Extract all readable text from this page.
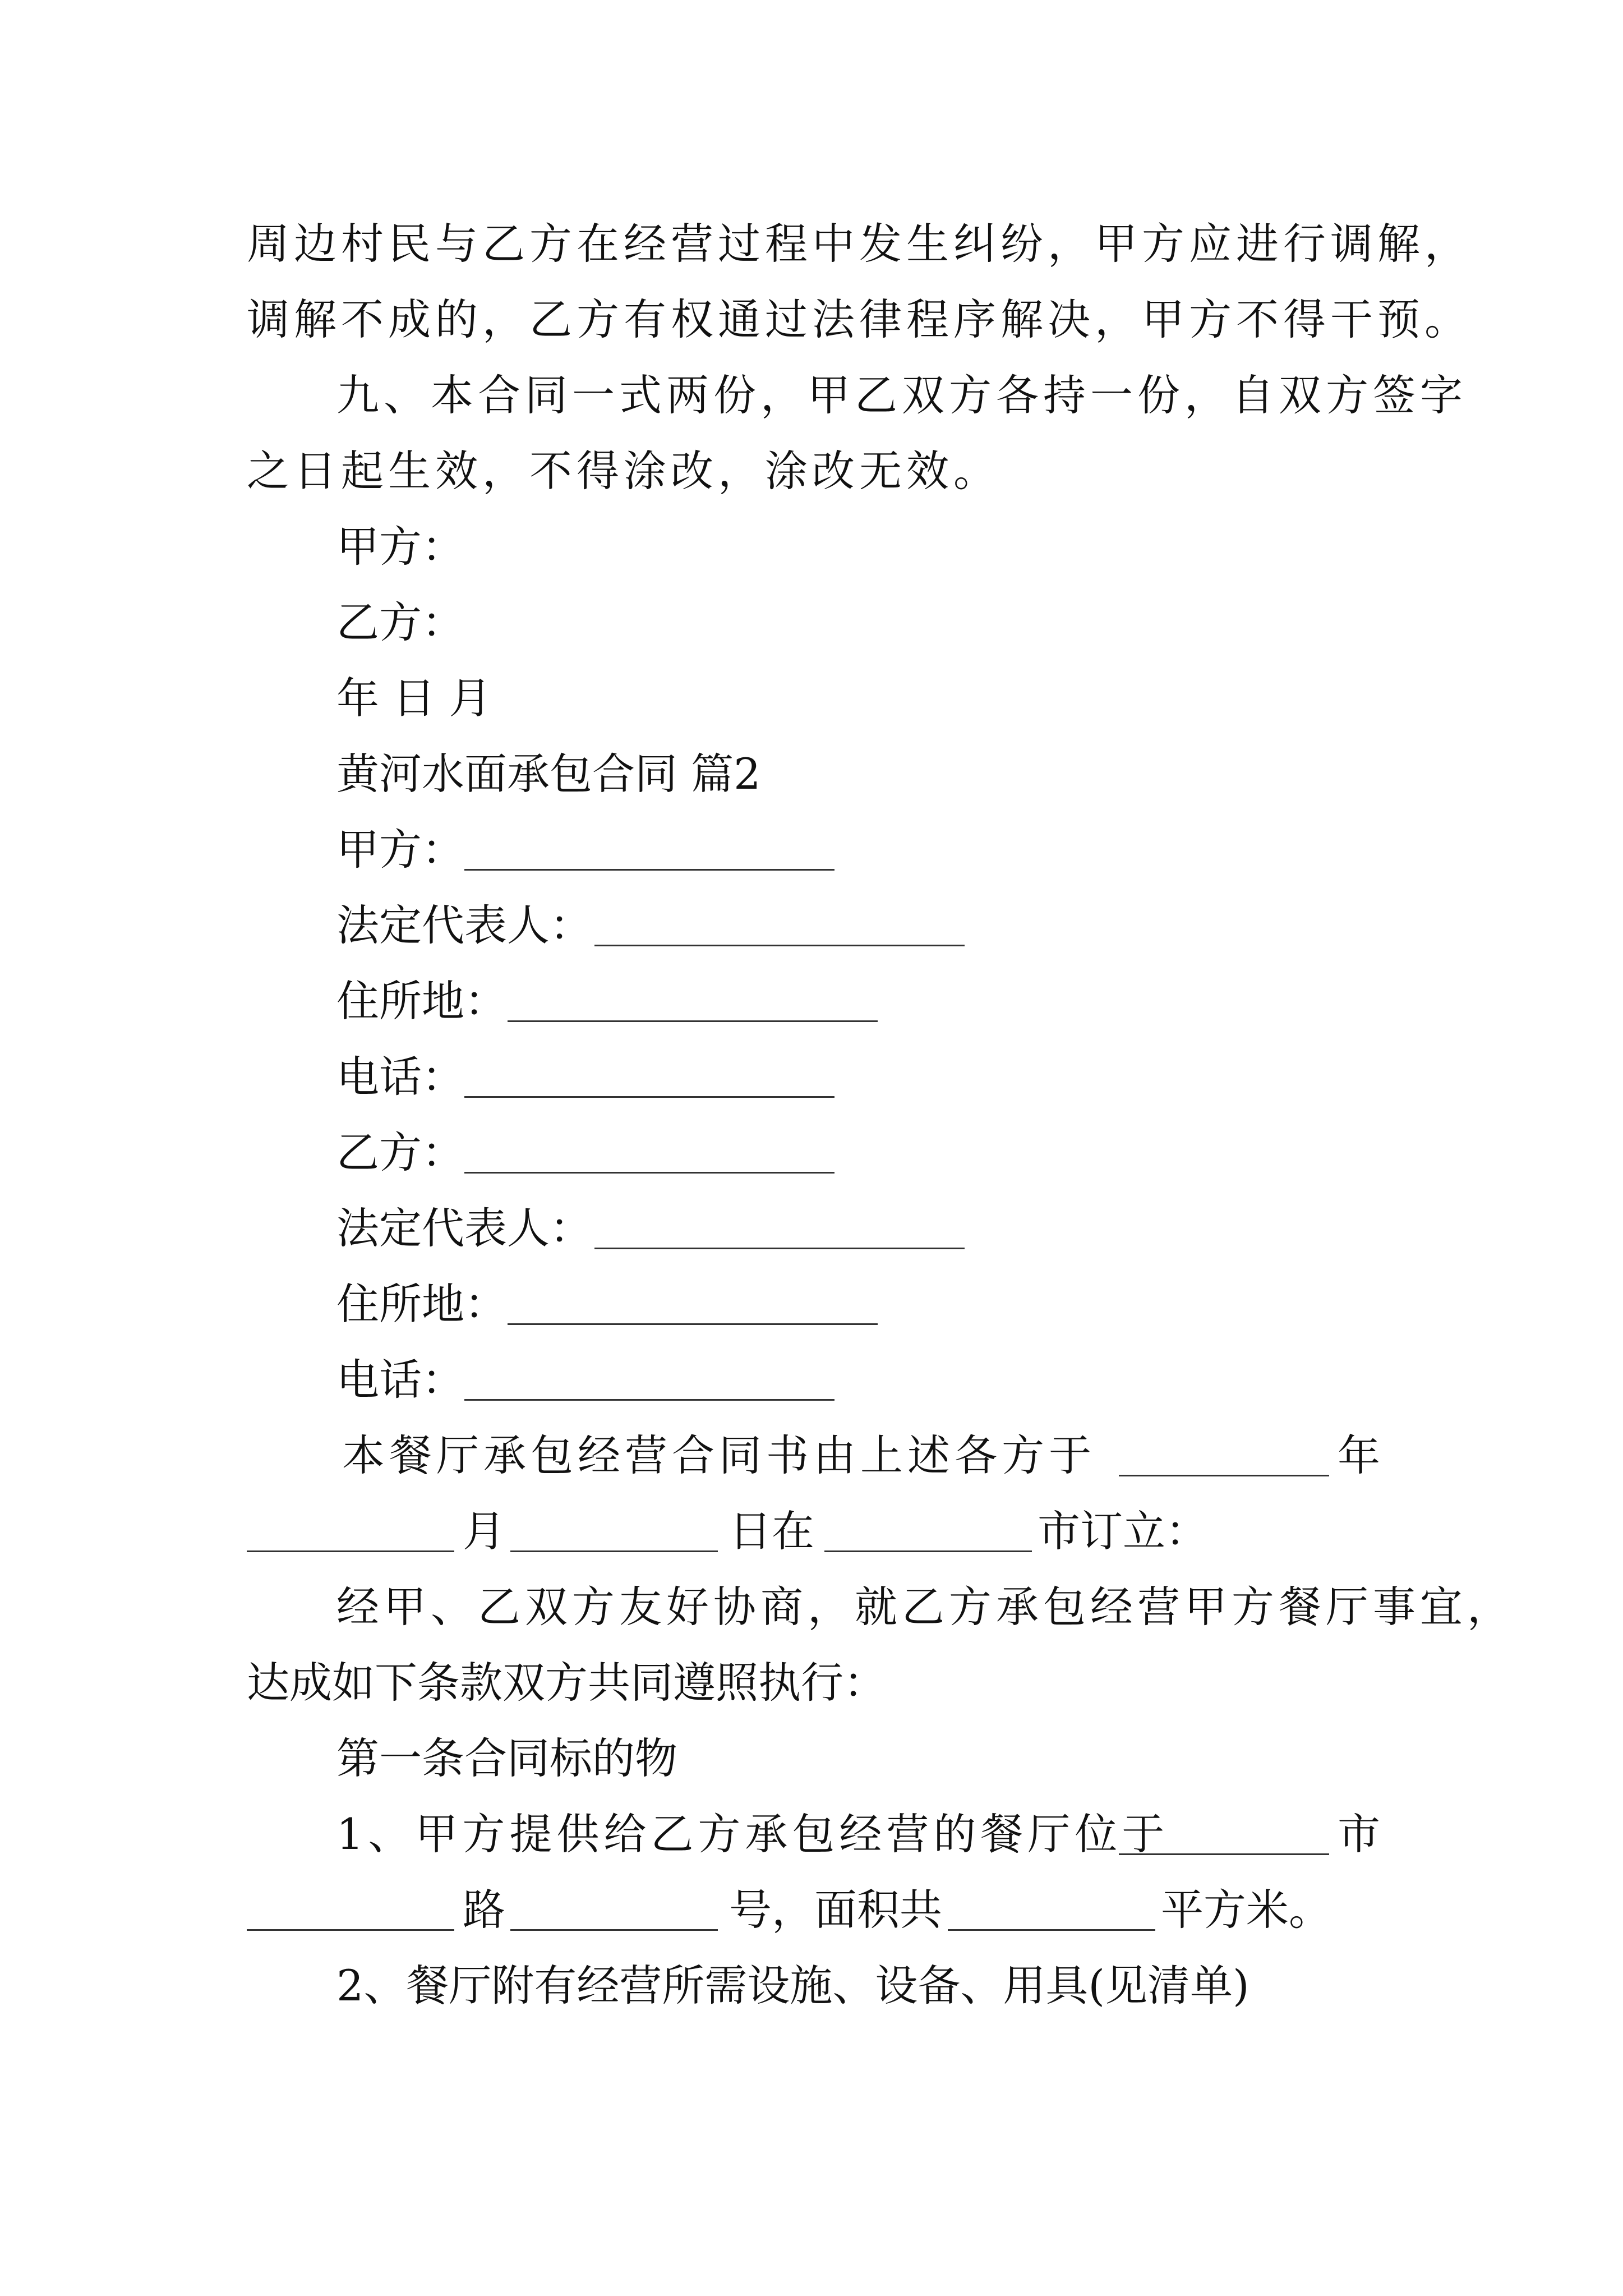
周边村民与乙方在经营过程中发生纠纷，甲方应进行调解，
调解不成的，乙方有权通过法律程序解决，甲方不得干预。
九、本合同一式两份，甲乙双方各持一份，自双方签字
之日起生效，不得涂改，涂改无效。
甲方：
乙方：
年 日 月
黄河水面承包合同 篇2
甲方：
法定代表人：
住所地：
电话：
乙方：
法定代表人：
住所地：
电话：
本餐厅承包经营合同书由上述各方于	年
月	日在	市订立：
经甲、乙双方友好协商，就乙方承包经营甲方餐厅事宜，
达成如下条款双方共同遵照执行：
第一条合同标的物
1、甲方提供给乙方承包经营的餐厅位于	市
路	号，面积共	平方米。
2、餐厅附有经营所需设施、设备、用具(见清单)
